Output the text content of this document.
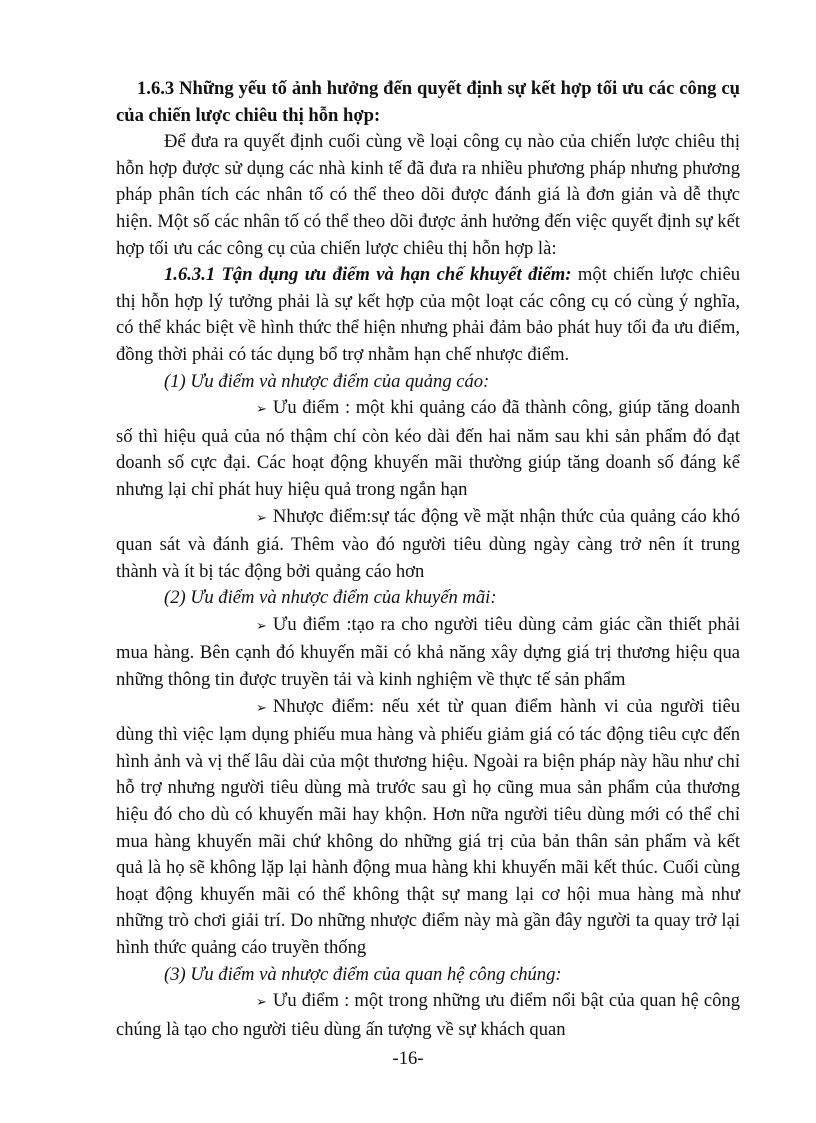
1.6.3 Những yếu tố ảnh hưởng đến quyết định sự kết hợp tối ưu các công cụ của chiến lược chiêu thị hỗn hợp:

Để đưa ra quyết định cuối cùng về loại công cụ nào của chiến lược chiêu thị hỗn hợp được sử dụng các nhà kinh tế đã đưa ra nhiều phương pháp nhưng phương pháp phân tích các nhân tố có thể theo dõi được đánh giá là đơn giản và dễ thực hiện. Một số các nhân tố có thể theo dõi được ảnh hưởng đến việc quyết định sự kết hợp tối ưu các công cụ của chiến lược chiêu thị hỗn hợp là:

1.6.3.1 Tận dụng ưu điểm và hạn chế khuyết điểm: một chiến lược chiêu thị hỗn hợp lý tưởng phải là sự kết hợp của một loạt các công cụ có cùng ý nghĩa, có thể khác biệt về hình thức thể hiện nhưng phải đảm bảo phát huy tối đa ưu điểm, đồng thời phải có tác dụng bổ trợ nhằm hạn chế nhược điểm.

(1) Ưu điểm và nhược điểm của quảng cáo:

➢ Ưu điểm : một khi quảng cáo đã thành công, giúp tăng doanh số thì hiệu quả của nó thậm chí còn kéo dài đến hai năm sau khi sản phẩm đó đạt doanh số cực đại. Các hoạt động khuyến mãi thường giúp tăng doanh số đáng kể nhưng lại chỉ phát huy hiệu quả trong ngắn hạn

➢ Nhược điểm:sự tác động về mặt nhận thức của quảng cáo khó quan sát và đánh giá. Thêm vào đó người tiêu dùng ngày càng trở nên ít trung thành và ít bị tác động bởi quảng cáo hơn

(2) Ưu điểm và nhược điểm của khuyến mãi:

➢ Ưu điểm :tạo ra cho người tiêu dùng cảm giác cần thiết phải mua hàng. Bên cạnh đó khuyến mãi có khả năng xây dựng giá trị thương hiệu qua những thông tin được truyền tải và kinh nghiệm về thực tế sản phẩm

➢ Nhược điểm: nếu xét từ quan điểm hành vi của người tiêu dùng thì việc lạm dụng phiếu mua hàng và phiếu giảm giá có tác động tiêu cực đến hình ảnh và vị thế lâu dài của một thương hiệu. Ngoài ra biện pháp này hầu như chỉ hỗ trợ nhưng người tiêu dùng mà trước sau gì họ cũng mua sản phẩm của thương hiệu đó cho dù có khuyến mãi hay khộn. Hơn nữa người tiêu dùng mới có thể chỉ mua hàng khuyến mãi chứ không do những giá trị của bản thân sản phẩm và kết quả là họ sẽ không lặp lại hành động mua hàng khi khuyến mãi kết thúc. Cuối cùng hoạt động khuyến mãi có thể không thật sự mang lại cơ hội mua hàng mà như những trò chơi giải trí. Do những nhược điểm này mà gần đây người ta quay trở lại hình thức quảng cáo truyền thống

(3) Ưu điểm và nhược điểm của quan hệ công chúng:

➢ Ưu điểm : một trong những ưu điểm nổi bật của quan hệ công chúng là tạo cho người tiêu dùng ấn tượng về sự khách quan

-16-
